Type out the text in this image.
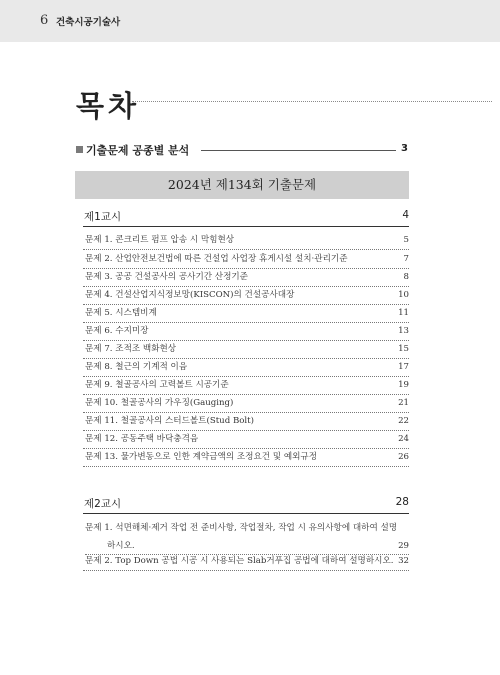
6 건축시공기술사
목차
기출문제 공종별 분석	3
2024년 제134회 기출문제
제1교시	4
문제 1. 콘크리트 펌프 압송 시 막힘현상	5
문제 2. 산업안전보건법에 따른 건설업 사업장 휴게시설 설치·관리기준	7
문제 3. 공공 건설공사의 공사기간 산정기준	8
문제 4. 건설산업지식정보망(KISCON)의 건설공사대장	10
문제 5. 시스템비계	11
문제 6. 수지미장	13
문제 7. 조적조 백화현상	15
문제 8. 철근의 기계적 이음	17
문제 9. 철골공사의 고력볼트 시공기준	19
문제 10. 철골공사의 가우징(Gauging)	21
문제 11. 철골공사의 스터드볼트(Stud Bolt)	22
문제 12. 공동주택 바닥충격음	24
문제 13. 물가변동으로 인한 계약금액의 조정요건 및 예외규정	26
제2교시	28
문제 1. 석면해체·제거 작업 전 준비사항, 작업절차, 작업 시 유의사항에 대하여 설명
하시오.	29
문제 2. Top Down 공법 시공 시 사용되는 Slab거푸집 공법에 대하여 설명하시오. 32
